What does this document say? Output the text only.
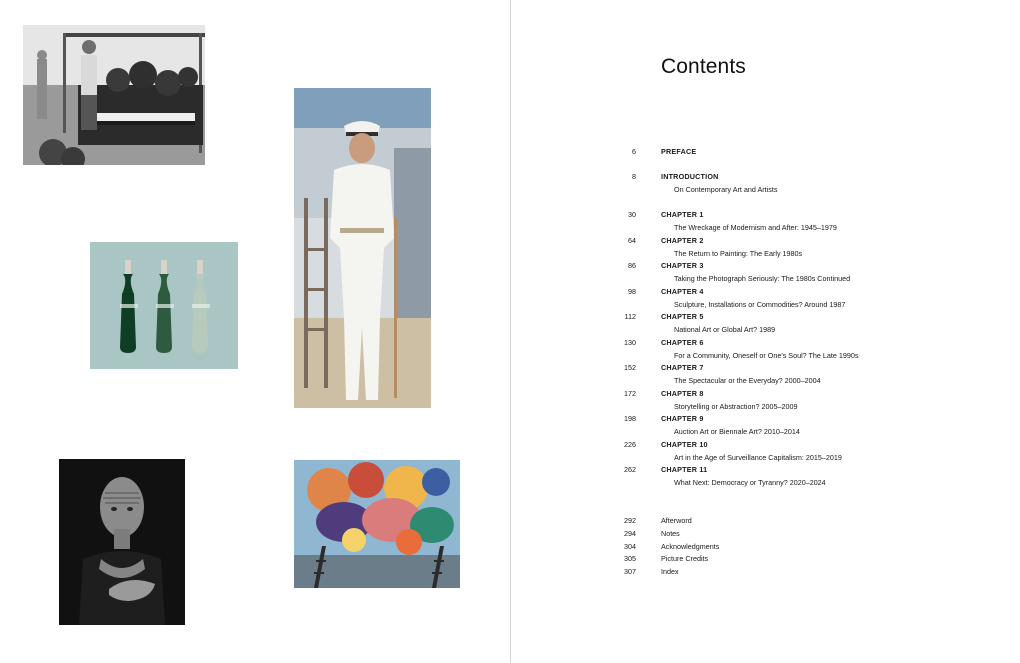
Contents
6	PREFACE
8	INTRODUCTION
On Contemporary Art and Artists
30	CHAPTER 1
The Wreckage of Modernism and After: 1945–1979
64	CHAPTER 2
The Return to Painting: The Early 1980s
86	CHAPTER 3
Taking the Photograph Seriously: The 1980s Continued
98	CHAPTER 4
Sculpture, Installations or Commodities? Around 1987
112	CHAPTER 5
National Art or Global Art? 1989
130	CHAPTER 6
For a Community, Oneself or One's Soul? The Late 1990s
152	CHAPTER 7
The Spectacular or the Everyday? 2000–2004
172	CHAPTER 8
Storytelling or Abstraction? 2005–2009
198	CHAPTER 9
Auction Art or Biennale Art? 2010–2014
226	CHAPTER 10
Art in the Age of Surveillance Capitalism: 2015–2019
262	CHAPTER 11
What Next: Democracy or Tyranny? 2020–2024
292	Afterword
294	Notes
304	Acknowledgments
305	Picture Credits
307	Index
